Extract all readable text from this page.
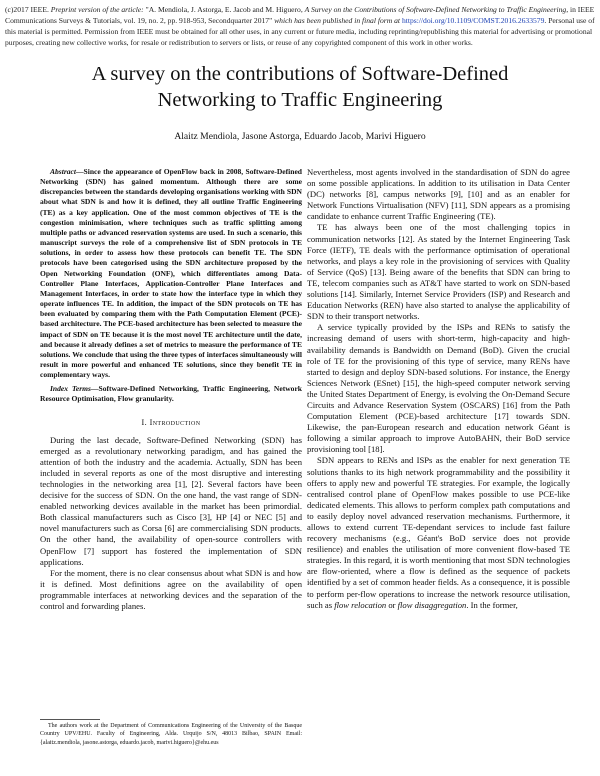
(c)2017 IEEE. Preprint version of the article: "A. Mendiola, J. Astorga, E. Jacob and M. Higuero, A Survey on the Contributions of Software-Defined Networking to Traffic Engineering, in IEEE Communications Surveys & Tutorials, vol. 19, no. 2, pp. 918-953, Secondquarter 2017" which has been published in final form at https://doi.org/10.1109/COMST.2016.2633579. Personal use of this material is permitted. Permission from IEEE must be obtained for all other uses, in any current or future media, including reprinting/republishing this material for advertising or promotional purposes, creating new collective works, for resale or redistribution to servers or lists, or reuse of any copyrighted component of this work in other works.
A survey on the contributions of Software-Defined
Networking to Traffic Engineering
Alaitz Mendiola, Jasone Astorga, Eduardo Jacob, Marivi Higuero

Abstract—Since the appearance of OpenFlow back in 2008, Software-Defined Networking (SDN) has gained momentum. Although there are some discrepancies between the standards developing organisations working with SDN about what SDN is and how it is defined, they all outline Traffic Engineering (TE) as a key application. One of the most common objectives of TE is the congestion minimisation, where techniques such as traffic splitting among multiple paths or advanced reservation systems are used. In such a scenario, this manuscript surveys the role of a comprehensive list of SDN protocols in TE solutions, in order to assess how these protocols can benefit TE. The SDN protocols have been categorised using the SDN architecture proposed by the Open Networking Foundation (ONF), which differentiates among Data-Controller Plane Interfaces, Application-Controller Plane Interfaces and Management Interfaces, in order to state how the interface type in which they operate influences TE. In addition, the impact of the SDN protocols on TE has been evaluated by comparing them with the Path Computation Element (PCE)-based architecture. The PCE-based architecture has been selected to measure the impact of SDN on TE because it is the most novel TE architecture until the date, and because it already defines a set of metrics to measure the performance of TE solutions. We conclude that using the three types of interfaces simultaneously will result in more powerful and enhanced TE solutions, since they benefit TE in complementary ways.

Index Terms—Software-Defined Networking, Traffic Engineering, Network Resource Optimisation, Flow granularity.

I. Introduction

During the last decade, Software-Defined Networking (SDN) has emerged as a revolutionary networking paradigm, and has gained the attention of both the industry and the academia. Actually, SDN has been included in several reports as one of the most disruptive and interesting technologies in the networking area [1], [2]. Several factors have been decisive for the success of SDN. On the one hand, the vast range of SDN-enabled networking devices available in the market has been primordial. Both classical manufacturers such as Cisco [3], HP [4] or NEC [5] and novel manufacturers such as Corsa [6] are commercialising SDN products. On the other hand, the availability of open-source controllers with OpenFlow [7] support has fostered the implementation of SDN applications.

For the moment, there is no clear consensus about what SDN is and how it is defined. Most definitions agree on the availability of open programmable interfaces at networking devices and the separation of the control and forwarding planes.

Nevertheless, most agents involved in the standardisation of SDN do agree on some possible applications. In addition to its utilisation in Data Center (DC) networks [8], campus networks [9], [10] and as an enabler for Network Functions Virtualisation (NFV) [11], SDN appears as a promising candidate to enhance current Traffic Engineering (TE).

TE has always been one of the most challenging topics in communication networks [12]. As stated by the Internet Engineering Task Force (IETF), TE deals with the performance optimisation of operational networks, and plays a key role in the provisioning of services with Quality of Service (QoS) [13]. Being aware of the benefits that SDN can bring to TE, telecom companies such as AT&T have started to work on SDN-based solutions [14]. Similarly, Internet Service Providers (ISP) and Research and Education Networks (REN) have also started to analyse the applicability of SDN to their transport networks.

A service typically provided by the ISPs and RENs to satisfy the increasing demand of users with short-term, high-capacity and high-availability demands is Bandwidth on Demand (BoD). Given the crucial role of TE for the provisioning of this type of service, many RENs have started to design and deploy SDN-based solutions. For instance, the Energy Sciences Network (ESnet) [15], the high-speed computer network serving the United States Department of Energy, is evolving the On-Demand Secure Circuits and Advance Reservation System (OSCARS) [16] from the Path Computation Element (PCE)-based architecture [17] towards SDN. Likewise, the pan-European research and education network Géant is following a similar approach to improve AutoBAHN, their BoD service provisioning tool [18].

SDN appears to RENs and ISPs as the enabler for next generation TE solutions thanks to its high network programmability and the possibility it offers to apply new and powerful TE strategies. For example, the logically centralised control plane of OpenFlow makes possible to use PCE-like dedicated elements. This allows to perform complex path computations and to easily deploy novel advanced reservation mechanisms. Furthermore, it allows to extend current TE-dependant services to include fast failure recovery mechanisms (e.g., Géant's BoD service does not provide resilience) and enables the utilisation of more convenient flow-based TE strategies. In this regard, it is worth mentioning that most SDN technologies are flow-oriented, where a flow is defined as the sequence of packets identified by a set of common header fields. As a consequence, it is possible to perform per-flow operations to increase the network resource utilisation, such as flow relocation or flow disaggregation. In the former,

The authors work at the Department of Communications Engineering of the University of the Basque Country UPV/EHU. Faculty of Engineering, Alda. Urquijo S/N, 48013 Bilbao, SPAIN Email: {alaitz.mendiola, jasone.astorga, eduardo.jacob, marivi.higuero}@ehu.eus
